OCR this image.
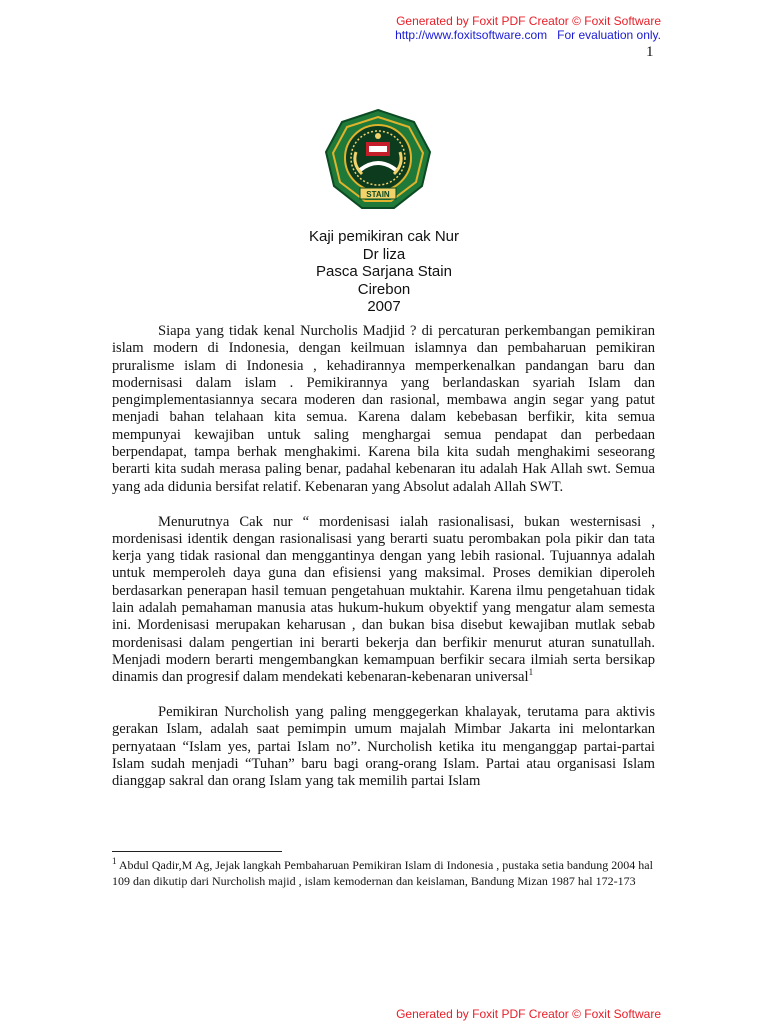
Generated by Foxit PDF Creator © Foxit Software
http://www.foxitsoftware.com For evaluation only.
1
STAIN
Kaji pemikiran cak Nur
Dr liza
Pasca Sarjana Stain
Cirebon
2007

Siapa yang tidak kenal Nurcholis Madjid ? di percaturan perkembangan pemikiran islam modern di Indonesia, dengan keilmuan islamnya dan pembaharuan pemikiran pruralisme islam di Indonesia , kehadirannya memperkenalkan pandangan baru dan modernisasi dalam islam . Pemikirannya yang berlandaskan syariah Islam dan pengimplementasiannya secara moderen dan rasional, membawa angin segar yang patut menjadi bahan telahaan kita semua. Karena dalam kebebasan berfikir, kita semua mempunyai kewajiban untuk saling menghargai semua pendapat dan perbedaan berpendapat, tampa berhak menghakimi. Karena bila kita sudah menghakimi seseorang berarti kita sudah merasa paling benar, padahal kebenaran itu adalah Hak Allah swt. Semua yang ada didunia bersifat relatif. Kebenaran yang Absolut adalah Allah SWT.

Menurutnya Cak nur “ mordenisasi ialah rasionalisasi, bukan westernisasi , mordenisasi identik dengan rasionalisasi yang berarti suatu perombakan pola pikir dan tata kerja yang tidak rasional dan menggantinya dengan yang lebih rasional. Tujuannya adalah untuk memperoleh daya guna dan efisiensi yang maksimal. Proses demikian diperoleh berdasarkan penerapan hasil temuan pengetahuan muktahir. Karena ilmu pengetahuan tidak lain adalah pemahaman manusia atas hukum-hukum obyektif yang mengatur alam semesta ini. Mordenisasi merupakan keharusan , dan bukan bisa disebut kewajiban mutlak sebab mordenisasi dalam pengertian ini berarti bekerja dan berfikir menurut aturan sunatullah. Menjadi modern berarti mengembangkan kemampuan berfikir secara ilmiah serta bersikap dinamis dan progresif dalam mendekati kebenaran-kebenaran universal$^1$

Pemikiran Nurcholish yang paling menggegerkan khalayak, terutama para aktivis gerakan Islam, adalah saat pemimpin umum majalah Mimbar Jakarta ini melontarkan pernyataan “Islam yes, partai Islam no”. Nurcholish ketika itu menganggap partai-partai Islam sudah menjadi “Tuhan” baru bagi orang-orang Islam. Partai atau organisasi Islam dianggap sakral dan orang Islam yang tak memilih partai Islam

$^1$ Abdul Qadir,M Ag, Jejak langkah Pembaharuan Pemikiran Islam di Indonesia , pustaka setia bandung 2004 hal 109 dan dikutip dari Nurcholish majid , islam kemodernan dan keislaman, Bandung Mizan 1987 hal 172-173
Generated by Foxit PDF Creator © Foxit Software
